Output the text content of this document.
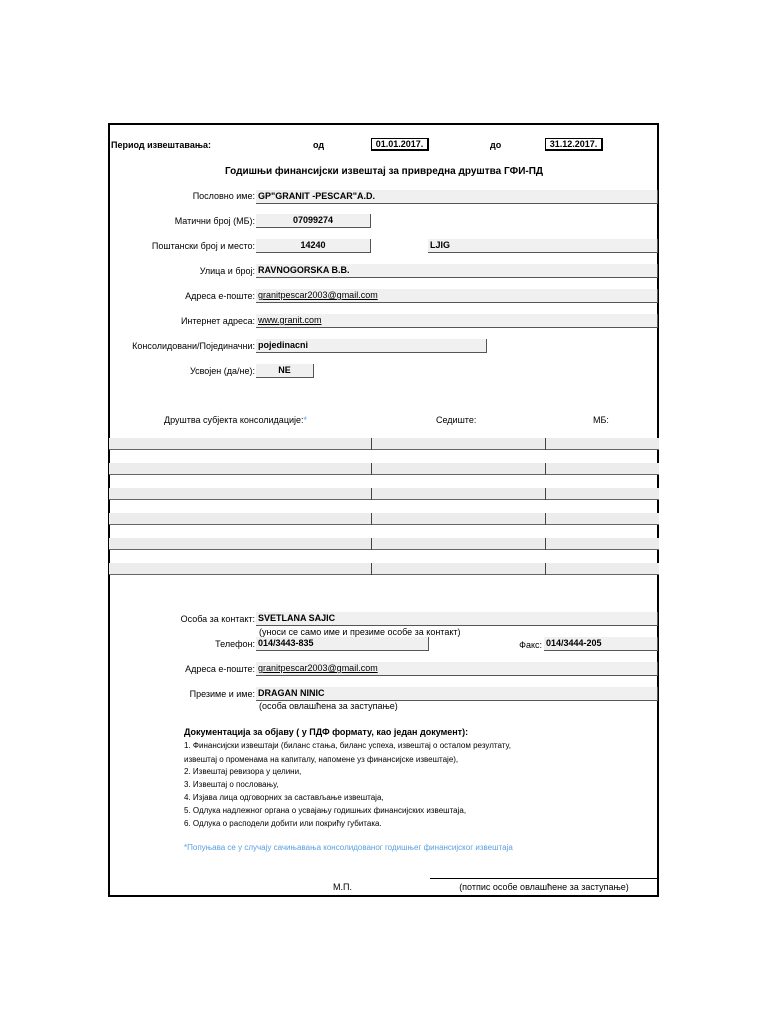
Период извештавања:	од	01.01.2017.	до	31.12.2017.
Годишњи финансијски извештај за привредна друштва ГФИ-ПД
Пословно име: GP"GRANIT -PESCAR"A.D.
Матични број (МБ):	07099274
Поштански број и место:	14240	LJIG
Улица и број: RAVNOGORSKA B.B.
Адреса е-поште: granitpescar2003@gmail.com
Интернет адреса: www.granit.com
Консолидовани/Појединачни: pojedinacni
Усвојен (да/не):	NE
Друштва субјекта консолидације:*	Седиште:	МБ:
Особа за контакт: SVETLANA SAJIC
(уноси се само име и презиме особе за контакт)
Телефон: 014/3443-835	Факс: 014/3444-205
Адреса е-поште: granitpescar2003@gmail.com
Презиме и име: DRAGAN NINIC
(особа овлашћена за заступање)
Документација за објаву ( у ПДФ формату, као један документ):
1. Финансијски извештаји (биланс стања, биланс успеха, извештај о осталом резултату,
извештај о променама на капиталу, напомене уз финансијске извештаје),
2. Извештај ревизора у целини,
3. Извештај о пословању,
4. Изјава лица одговорних за састављање извештаја,
5. Одлука надлежног органа о усвајању годишњих финансијских извештаја,
6. Одлука о расподели добити или покрићу губитака.
*Попуњава се у случају сачињавања консолидованог годишњег финансијског извештаја
М.П.	(потпис особе овлашћене за заступање)
